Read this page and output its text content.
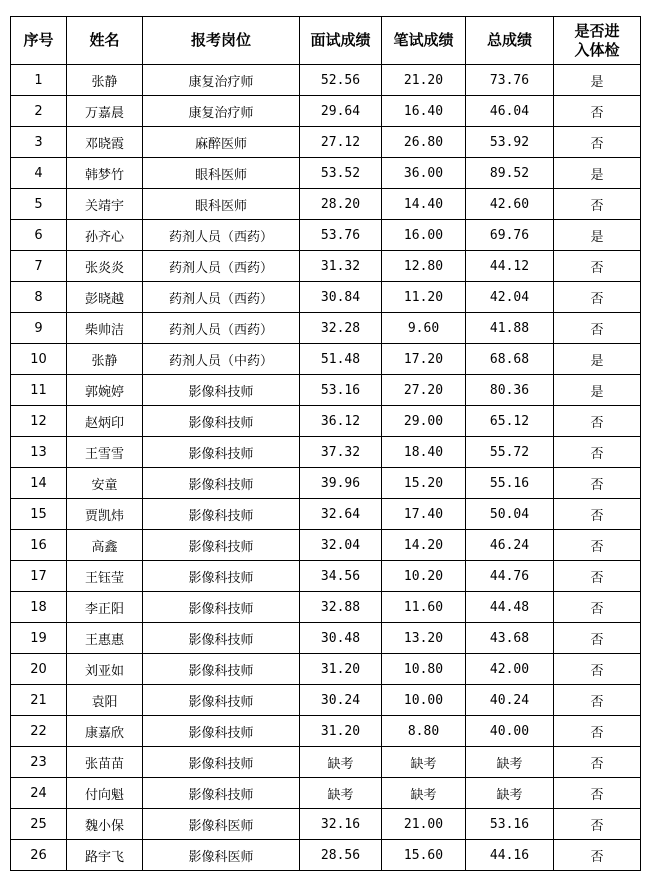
序号	姓名	报考岗位	面试成绩	笔试成绩	总成绩	是否进
入体检
1	张静	康复治疗师	52.56	21.20	73.76	是
2	万嘉晨	康复治疗师	29.64	16.40	46.04	否
3	邓晓霞	麻醉医师	27.12	26.80	53.92	否
4	韩梦竹	眼科医师	53.52	36.00	89.52	是
5	关靖宇	眼科医师	28.20	14.40	42.60	否
6	孙齐心	药剂人员（西药）	53.76	16.00	69.76	是
7	张炎炎	药剂人员（西药）	31.32	12.80	44.12	否
8	彭晓越	药剂人员（西药）	30.84	11.20	42.04	否
9	柴帅洁	药剂人员（西药）	32.28	9.60	41.88	否
10	张静	药剂人员（中药）	51.48	17.20	68.68	是
11	郭婉婷	影像科技师	53.16	27.20	80.36	是
12	赵炳印	影像科技师	36.12	29.00	65.12	否
13	王雪雪	影像科技师	37.32	18.40	55.72	否
14	安童	影像科技师	39.96	15.20	55.16	否
15	贾凯炜	影像科技师	32.64	17.40	50.04	否
16	高鑫	影像科技师	32.04	14.20	46.24	否
17	王钰莹	影像科技师	34.56	10.20	44.76	否
18	李正阳	影像科技师	32.88	11.60	44.48	否
19	王惠惠	影像科技师	30.48	13.20	43.68	否
20	刘亚如	影像科技师	31.20	10.80	42.00	否
21	袁阳	影像科技师	30.24	10.00	40.24	否
22	康嘉欣	影像科技师	31.20	8.80	40.00	否
23	张苗苗	影像科技师	缺考	缺考	缺考	否
24	付向魁	影像科技师	缺考	缺考	缺考	否
25	魏小保	影像科医师	32.16	21.00	53.16	否
26	路宇飞	影像科医师	28.56	15.60	44.16	否
